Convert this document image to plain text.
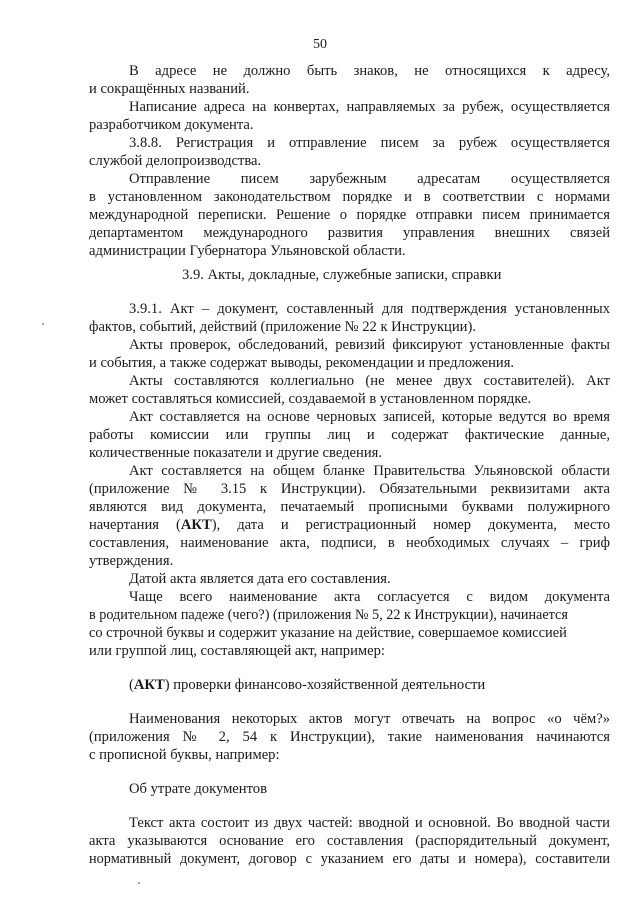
50
В адресе не должно быть знаков, не относящихся к адресу,
и сокращённых названий.
Написание адреса на конвертах, направляемых за рубеж, осуществляется
разработчиком документа.
3.8.8. Регистрация и отправление писем за рубеж осуществляется
службой делопроизводства.
Отправление писем зарубежным адресатам осуществляется
в установленном законодательством порядке и в соответствии с нормами
международной переписки. Решение о порядке отправки писем принимается
департаментом международного развития управления внешних связей
администрации Губернатора Ульяновской области.
3.9. Акты, докладные, служебные записки, справки
3.9.1. Акт – документ, составленный для подтверждения установленных
фактов, событий, действий (приложение № 22 к Инструкции).
Акты проверок, обследований, ревизий фиксируют установленные факты
и события, а также содержат выводы, рекомендации и предложения.
Акты составляются коллегиально (не менее двух составителей). Акт
может составляться комиссией, создаваемой в установленном порядке.
Акт составляется на основе черновых записей, которые ведутся во время
работы комиссии или группы лиц и содержат фактические данные,
количественные показатели и другие сведения.
Акт составляется на общем бланке Правительства Ульяновской области
(приложение № 3.15 к Инструкции). Обязательными реквизитами акта
являются вид документа, печатаемый прописными буквами полужирного
начертания (АКТ), дата и регистрационный номер документа, место
составления, наименование акта, подписи, в необходимых случаях – гриф
утверждения.
Датой акта является дата его составления.
Чаще всего наименование акта согласуется с видом документа
в родительном падеже (чего?) (приложения № 5, 22 к Инструкции), начинается
со строчной буквы и содержит указание на действие, совершаемое комиссией
или группой лиц, составляющей акт, например:
(АКТ) проверки финансово-хозяйственной деятельности
Наименования некоторых актов могут отвечать на вопрос «о чём?»
(приложения № 2, 54 к Инструкции), такие наименования начинаются
с прописной буквы, например:
Об утрате документов
Текст акта состоит из двух частей: вводной и основной. Во вводной части
акта указываются основание его составления (распорядительный документ,
нормативный документ, договор с указанием его даты и номера), составители
